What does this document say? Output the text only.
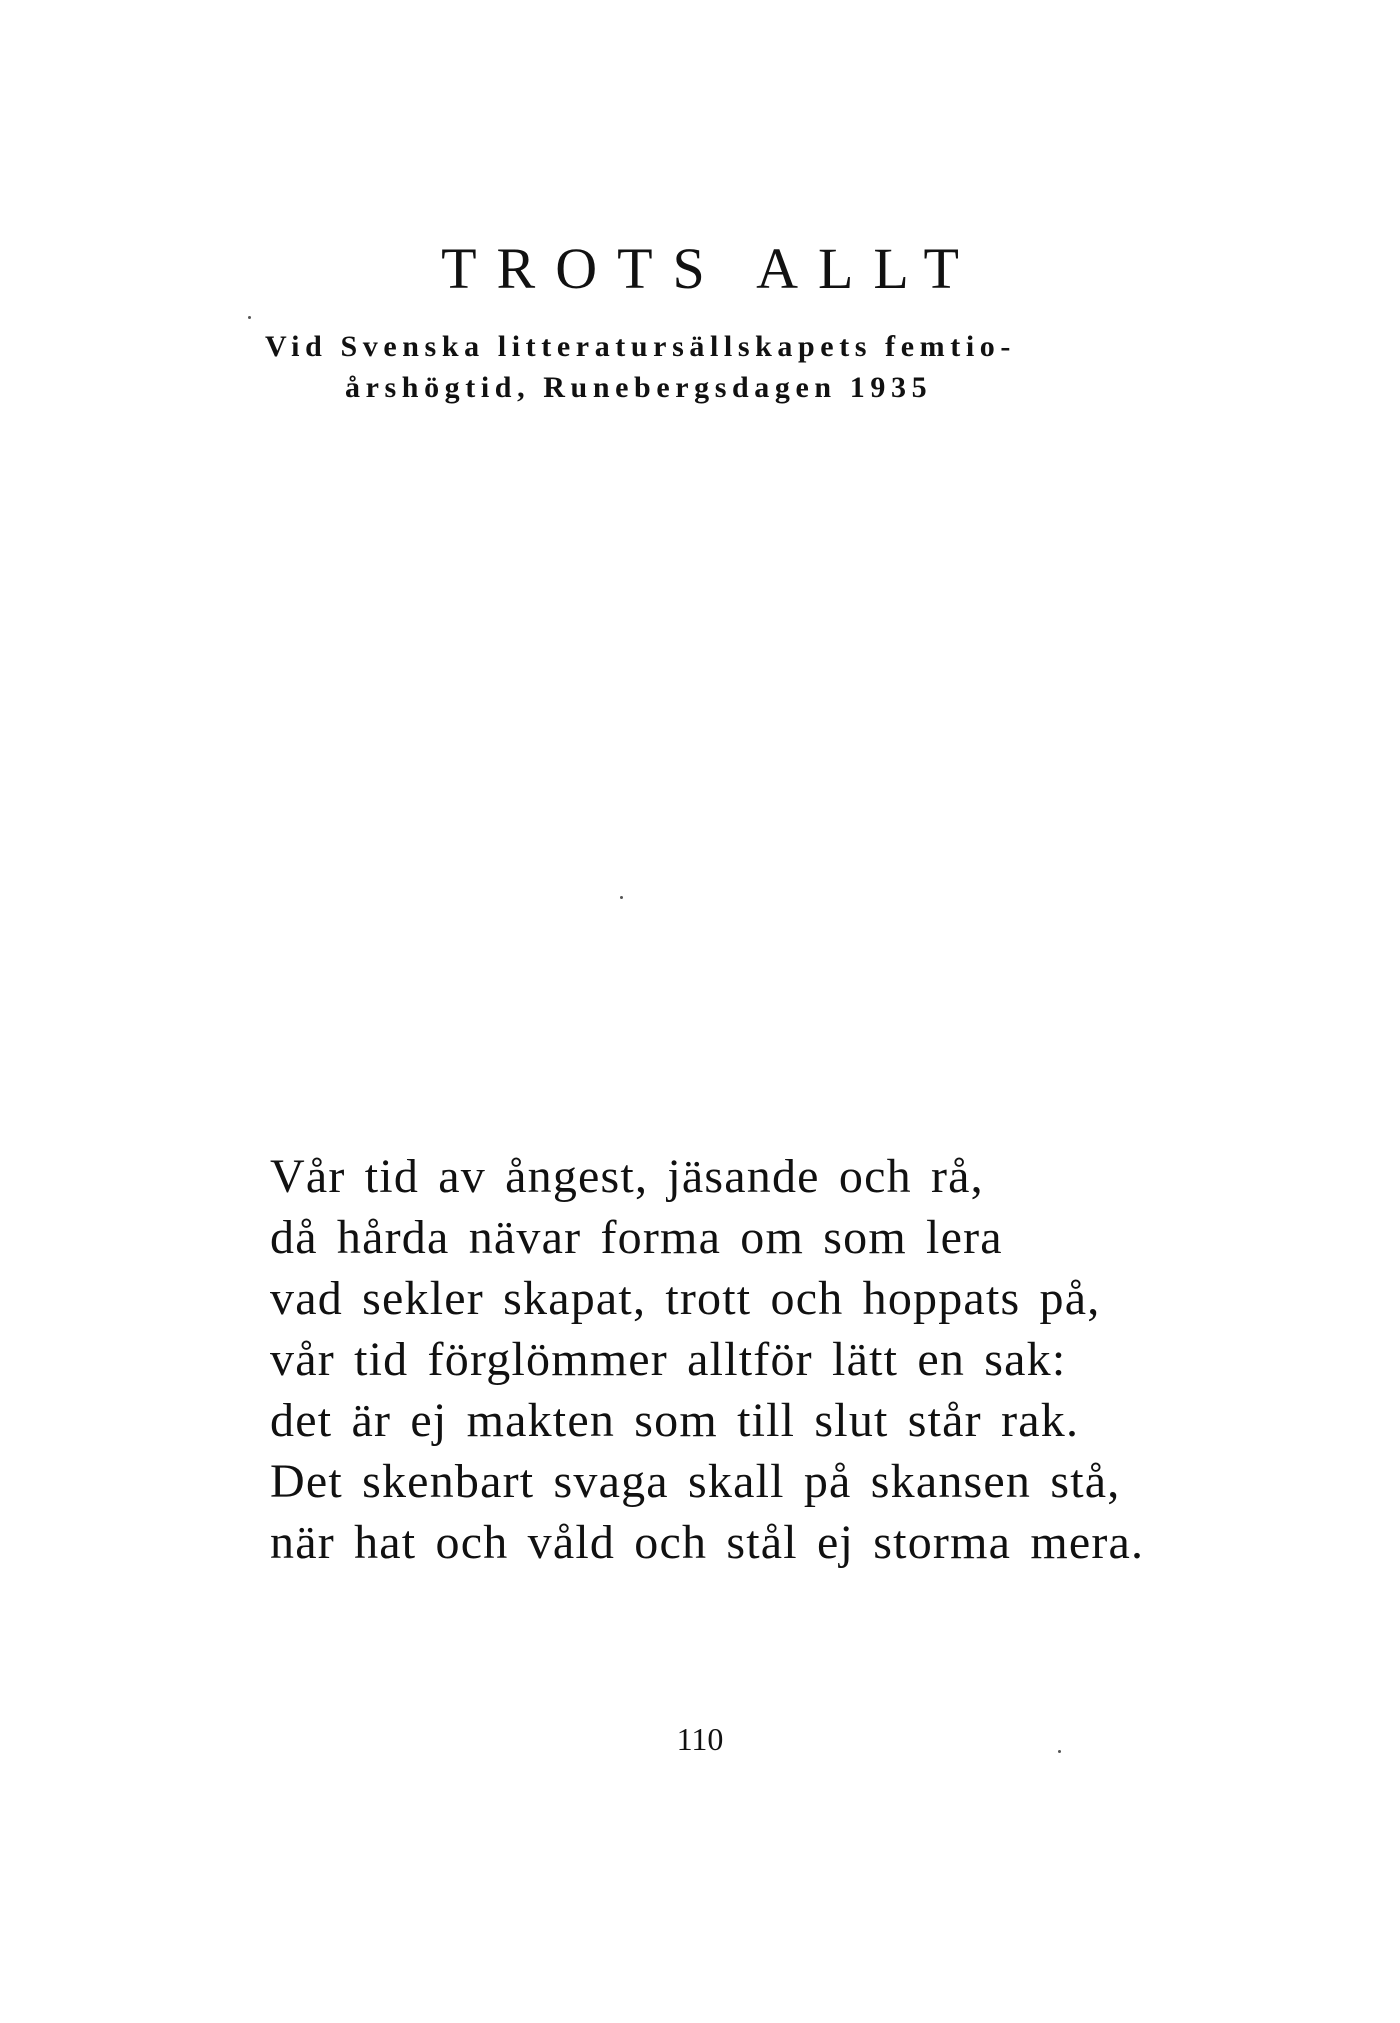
TROTS ALLT
Vid Svenska litteratursällskapets femtio-
årshögtid, Runebergsdagen 1935
Vår tid av ångest, jäsande och rå,
då hårda nävar forma om som lera
vad sekler skapat, trott och hoppats på,
vår tid förglömmer alltför lätt en sak:
det är ej makten som till slut står rak.
Det skenbart svaga skall på skansen stå,
när hat och våld och stål ej storma mera.
110
